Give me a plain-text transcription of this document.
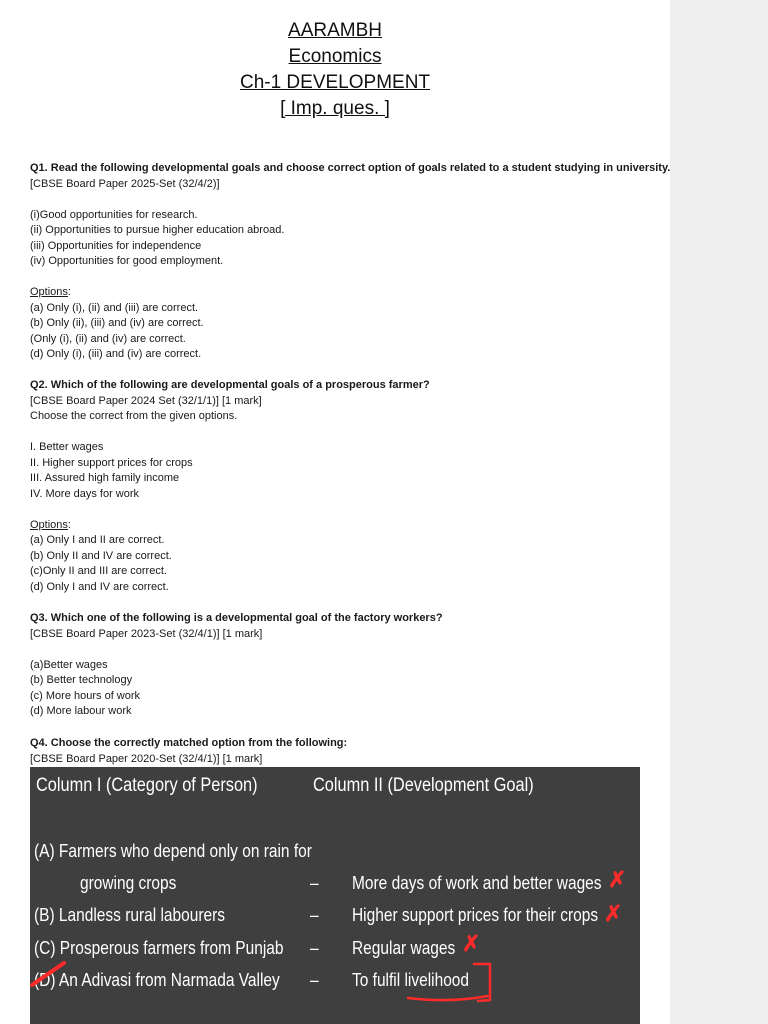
AARAMBH
Economics
Ch-1 DEVELOPMENT
[ Imp. ques. ]
Q1. Read the following developmental goals and choose correct option of goals related to a student studying in university.
[CBSE Board Paper 2025-Set (32/4/2)]
(i)Good opportunities for research.
(ii) Opportunities to pursue higher education abroad.
(iii) Opportunities for independence
(iv) Opportunities for good employment.
Options:
(a) Only (i), (ii) and (iii) are correct.
(b) Only (ii), (iii) and (iv) are correct.
(Only (i), (ii) and (iv) are correct.
(d) Only (i), (iii) and (iv) are correct.
Q2. Which of the following are developmental goals of a prosperous farmer?
[CBSE Board Paper 2024 Set (32/1/1)] [1 mark]
Choose the correct from the given options.
I. Better wages
II. Higher support prices for crops
III. Assured high family income
IV. More days for work
Options:
(a) Only I and II are correct.
(b) Only II and IV are correct.
(c)Only II and III are correct.
(d) Only I and IV are correct.
Q3. Which one of the following is a developmental goal of the factory workers?
[CBSE Board Paper 2023-Set (32/4/1)] [1 mark]
(a)Better wages
(b) Better technology
(c) More hours of work
(d) More labour work
Q4. Choose the correctly matched option from the following:
[CBSE Board Paper 2020-Set (32/4/1)] [1 mark]
Column I (Category of Person)	Column II (Development Goal)
(A) Farmers who depend only on rain for
growing crops	– More days of work and better wages ✗
(B) Landless rural labourers	– Higher support prices for their crops ✗
(C) Prosperous farmers from Punjab – Regular wages ✗
(D) An Adivasi from Narmada Valley – To fulfil livelihood
